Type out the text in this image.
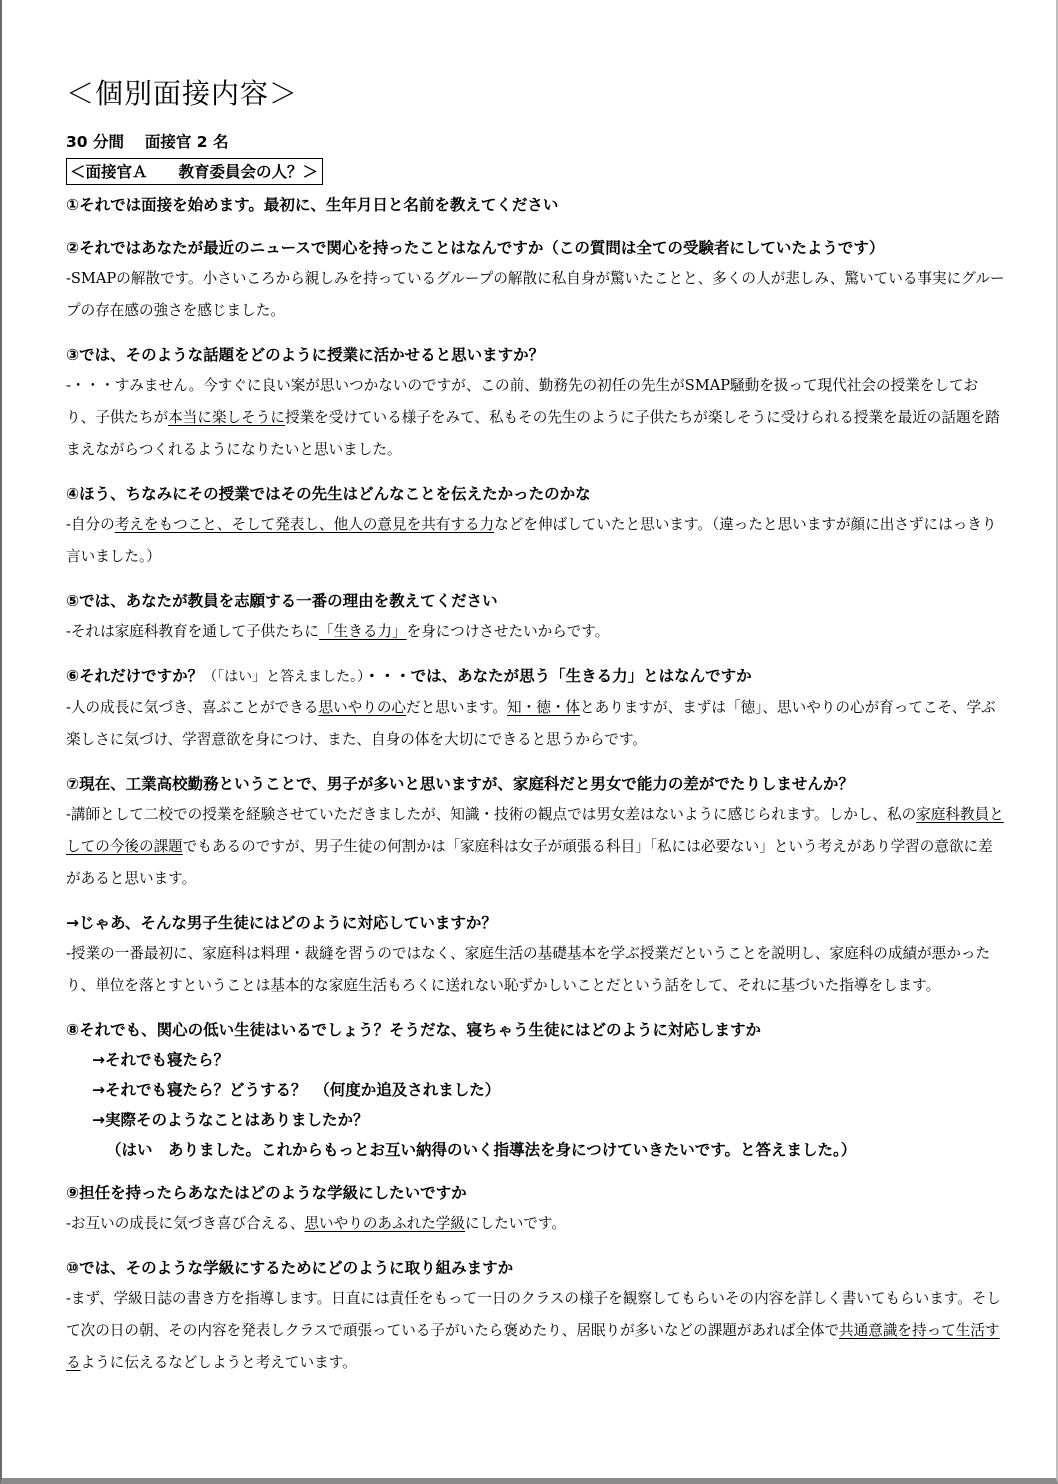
＜個別面接内容＞
30 分間　 面接官 2 名
＜面接官Ａ　　教育委員会の人？＞

①それでは面接を始めます。最初に、生年月日と名前を教えてください

②それではあなたが最近のニュースで関心を持ったことはなんですか（この質問は全ての受験者にしていたようです）

-SMAPの解散です。小さいころから親しみを持っているグループの解散に私自身が驚いたことと、多くの人が悲しみ、驚いている事実にグループの存在感の強さを感じました。

③では、そのような話題をどのように授業に活かせると思いますか？

-・・・すみません。今すぐに良い案が思いつかないのですが、この前、勤務先の初任の先生がSMAP騒動を扱って現代社会の授業をしており、子供たちが本当に楽しそうに授業を受けている様子をみて、私もその先生のように子供たちが楽しそうに受けられる授業を最近の話題を踏まえながらつくれるようになりたいと思いました。

④ほう、ちなみにその授業ではその先生はどんなことを伝えたかったのかな

-自分の考えをもつこと、そして発表し、他人の意見を共有する力などを伸ばしていたと思います。（違ったと思いますが顔に出さずにはっきり言いました。）

⑤では、あなたが教員を志願する一番の理由を教えてください

-それは家庭科教育を通して子供たちに「生きる力」を身につけさせたいからです。

⑥それだけですか？（「はい」と答えました。）・・・では、あなたが思う「生きる力」とはなんですか

-人の成長に気づき、喜ぶことができる思いやりの心だと思います。知・徳・体とありますが、まずは「徳」、思いやりの心が育ってこそ、学ぶ楽しさに気づけ、学習意欲を身につけ、また、自身の体を大切にできると思うからです。

⑦現在、工業高校勤務ということで、男子が多いと思いますが、家庭科だと男女で能力の差がでたりしませんか？

-講師として二校での授業を経験させていただきましたが、知識・技術の観点では男女差はないように感じられます。しかし、私の家庭科教員としての今後の課題でもあるのですが、男子生徒の何割かは「家庭科は女子が頑張る科目」「私には必要ない」という考えがあり学習の意欲に差があると思います。

→じゃあ、そんな男子生徒にはどのように対応していますか？

-授業の一番最初に、家庭科は料理・裁縫を習うのではなく、家庭生活の基礎基本を学ぶ授業だということを説明し、家庭科の成績が悪かったり、単位を落とすということは基本的な家庭生活もろくに送れない恥ずかしいことだという話をして、それに基づいた指導をします。

⑧それでも、関心の低い生徒はいるでしょう？そうだな、寝ちゃう生徒にはどのように対応しますか

→それでも寝たら？

→それでも寝たら？どうする？　（何度か追及されました）

→実際そのようなことはありましたか？

（はい　ありました。これからもっとお互い納得のいく指導法を身につけていきたいです。と答えました。）

⑨担任を持ったらあなたはどのような学級にしたいですか

-お互いの成長に気づき喜び合える、思いやりのあふれた学級にしたいです。

⑩では、そのような学級にするためにどのように取り組みますか

-まず、学級日誌の書き方を指導します。日直には責任をもって一日のクラスの様子を観察してもらいその内容を詳しく書いてもらいます。そして次の日の朝、その内容を発表しクラスで頑張っている子がいたら褒めたり、居眠りが多いなどの課題があれば全体で共通意識を持って生活するように伝えるなどしようと考えています。
